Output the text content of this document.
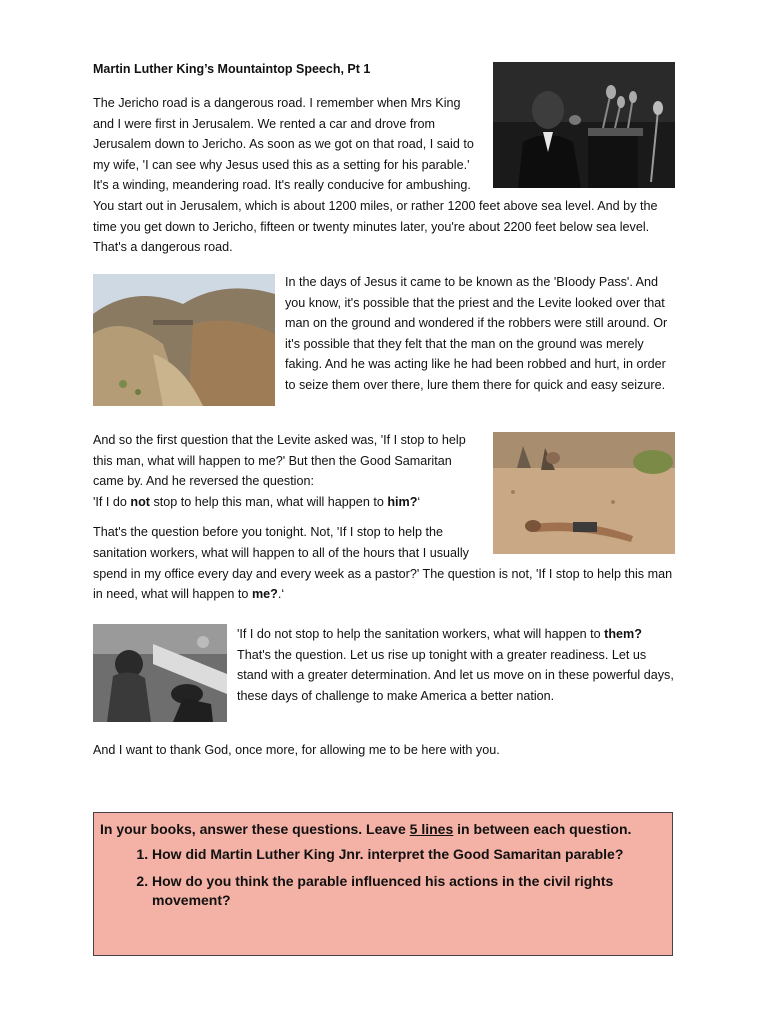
Martin Luther King’s Mountaintop Speech, Pt 1

The Jericho road is a dangerous road. I remember when Mrs King and I were first in Jerusalem. We rented a car and drove from Jerusalem down to Jericho. As soon as we got on that road, I said to my wife, 'I can see why Jesus used this as a setting for his parable.' It's a winding, meandering road. It's really conducive for ambushing. You start out in Jerusalem, which is about 1200 miles, or rather 1200 feet above sea level. And by the time you get down to Jericho, fifteen or twenty minutes later, you're about 2200 feet below sea level. That's a dangerous road.

In the days of Jesus it came to be known as the 'BIoody Pass'. And you know, it's possible that the priest and the Levite looked over that man on the ground and wondered if the robbers were still around. Or it's possible that they felt that the man on the ground was merely faking. And he was acting like he had been robbed and hurt, in order to seize them over there, lure them there for quick and easy seizure.

And so the first question that the Levite asked was, 'If I stop to help this man, what will happen to me?' But then the Good Samaritan came by. And he reversed the question:
'If I do not stop to help this man, what will happen to him?‘

That's the question before you tonight. Not, 'If I stop to help the sanitation workers, what will happen to all of the hours that I usually spend in my office every day and every week as a pastor?' The question is not, 'If I stop to help this man in need, what will happen to me?.‘

'If I do not stop to help the sanitation workers, what will happen to them? That's the question. Let us rise up tonight with a greater readiness. Let us stand with a greater determination. And let us move on in these powerful days, these days of challenge to make America a better nation.

And I want to thank God, once more, for allowing me to be here with you.

In your books, answer these questions. Leave 5 lines in between each question.
1. How did Martin Luther King Jnr. interpret the Good Samaritan parable?
2. How do you think the parable influenced his actions in the civil rights movement?
